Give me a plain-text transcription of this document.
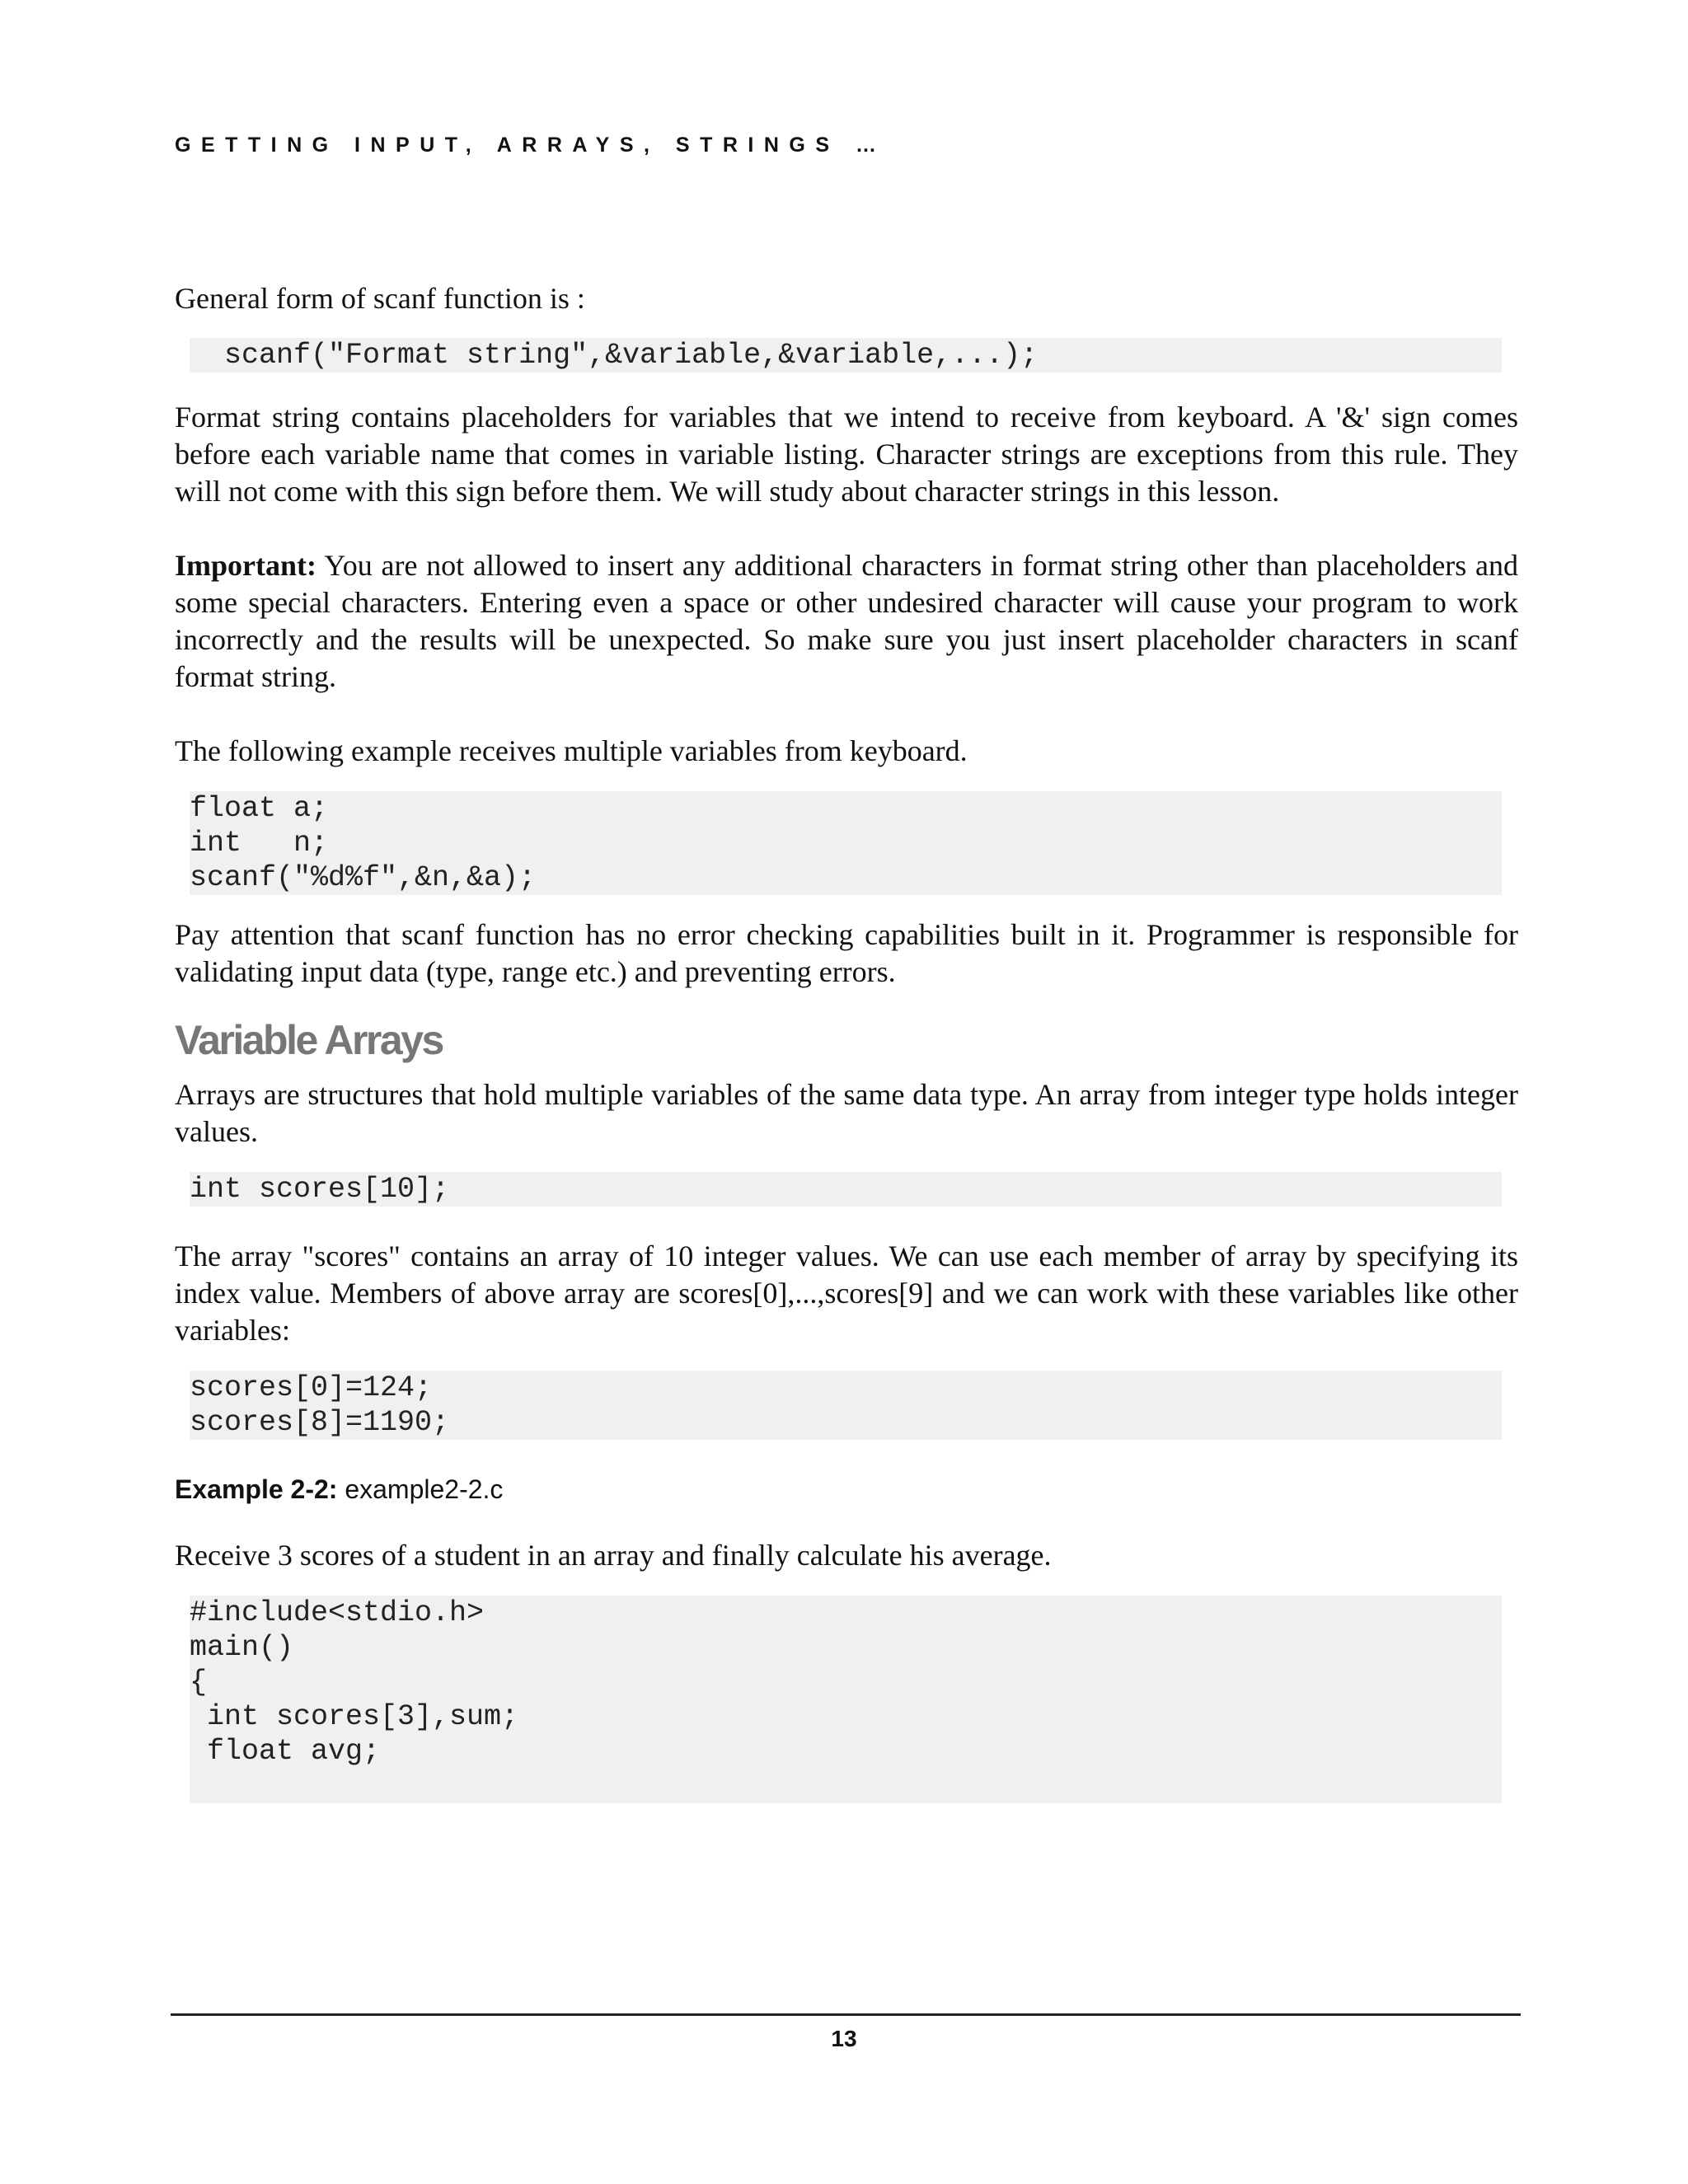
GETTING INPUT, ARRAYS, STRINGS …

General form of scanf function is :

scanf("Format string",&variable,&variable,...);

Format string contains placeholders for variables that we intend to receive from keyboard. A '&' sign comes before each variable name that comes in variable listing. Character strings are exceptions from this rule. They will not come with this sign before them. We will study about character strings in this lesson.

Important: You are not allowed to insert any additional characters in format string other than placeholders and some special characters. Entering even a space or other undesired character will cause your program to work incorrectly and the results will be unexpected. So make sure you just insert placeholder characters in scanf format string.

The following example receives multiple variables from keyboard.

float a;
int   n;
scanf("%d%f",&n,&a);

Pay attention that scanf function has no error checking capabilities built in it. Programmer is responsible for validating input data (type, range etc.) and preventing errors.

Variable Arrays

Arrays are structures that hold multiple variables of the same data type. An array from integer type holds integer values.

int scores[10];

The array "scores" contains an array of 10 integer values. We can use each member of array by specifying its index value. Members of above array are scores[0],...,scores[9] and we can work with these variables like other variables:

scores[0]=124;
scores[8]=1190;

Example 2-2: example2-2.c

Receive 3 scores of a student in an array and finally calculate his average.

#include<stdio.h>
main()
{
int scores[3],sum;
float avg;
13
